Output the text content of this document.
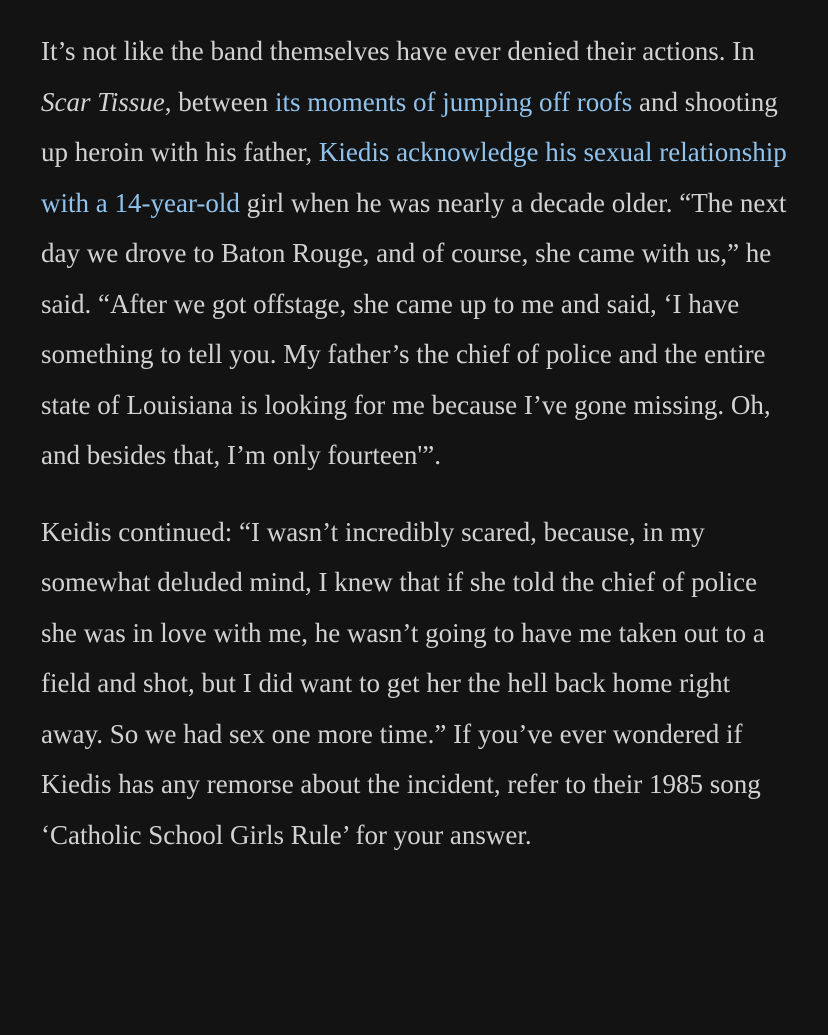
It’s not like the band themselves have ever denied their actions. In Scar Tissue, between its moments of jumping off roofs and shooting up heroin with his father, Kiedis acknowledge his sexual relationship with a 14-year-old girl when he was nearly a decade older. “The next day we drove to Baton Rouge, and of course, she came with us,” he said. “After we got offstage, she came up to me and said, ‘I have something to tell you. My father’s the chief of police and the entire state of Louisiana is looking for me because I’ve gone missing. Oh, and besides that, I’m only fourteen'”.

Keidis continued: “I wasn’t incredibly scared, because, in my somewhat deluded mind, I knew that if she told the chief of police she was in love with me, he wasn’t going to have me taken out to a field and shot, but I did want to get her the hell back home right away. So we had sex one more time.” If you’ve ever wondered if Kiedis has any remorse about the incident, refer to their 1985 song ‘Catholic School Girls Rule’ for your answer.
